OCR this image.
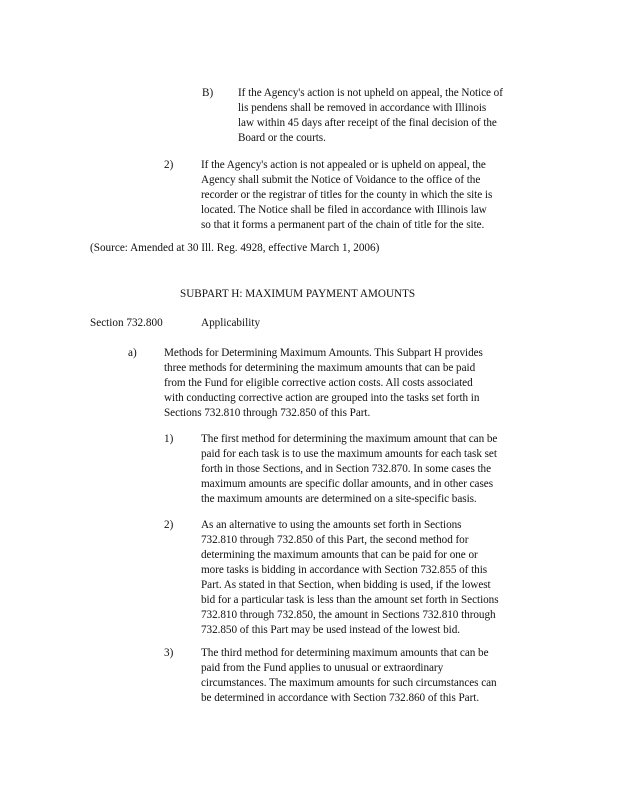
B) If the Agency's action is not upheld on appeal, the Notice of
lis pendens shall be removed in accordance with Illinois
law within 45 days after receipt of the final decision of the
Board or the courts.
2) If the Agency's action is not appealed or is upheld on appeal, the
Agency shall submit the Notice of Voidance to the office of the
recorder or the registrar of titles for the county in which the site is
located. The Notice shall be filed in accordance with Illinois law
so that it forms a permanent part of the chain of title for the site.
(Source: Amended at 30 Ill. Reg. 4928, effective March 1, 2006)
SUBPART H: MAXIMUM PAYMENT AMOUNTS
Section 732.800	Applicability
a) Methods for Determining Maximum Amounts. This Subpart H provides
three methods for determining the maximum amounts that can be paid
from the Fund for eligible corrective action costs. All costs associated
with conducting corrective action are grouped into the tasks set forth in
Sections 732.810 through 732.850 of this Part.
1) The first method for determining the maximum amount that can be
paid for each task is to use the maximum amounts for each task set
forth in those Sections, and in Section 732.870. In some cases the
maximum amounts are specific dollar amounts, and in other cases
the maximum amounts are determined on a site-specific basis.
2) As an alternative to using the amounts set forth in Sections
732.810 through 732.850 of this Part, the second method for
determining the maximum amounts that can be paid for one or
more tasks is bidding in accordance with Section 732.855 of this
Part. As stated in that Section, when bidding is used, if the lowest
bid for a particular task is less than the amount set forth in Sections
732.810 through 732.850, the amount in Sections 732.810 through
732.850 of this Part may be used instead of the lowest bid.
3) The third method for determining maximum amounts that can be
paid from the Fund applies to unusual or extraordinary
circumstances. The maximum amounts for such circumstances can
be determined in accordance with Section 732.860 of this Part.
